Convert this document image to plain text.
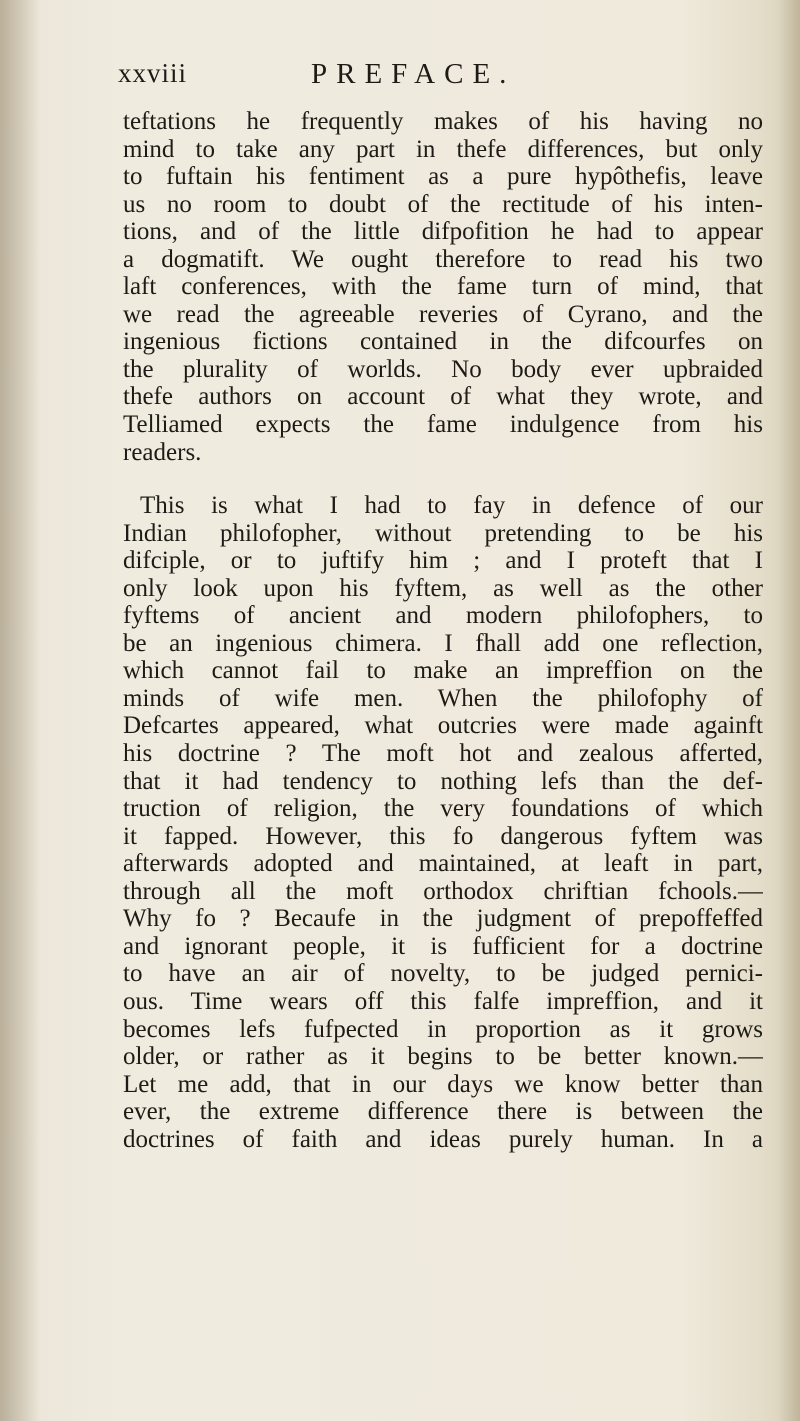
xxviii	PREFACE.
teftations he frequently makes of his having no
mind to take any part in thefe differences, but only
to fuftain his fentiment as a pure hypôthefis, leave
us no room to doubt of the rectitude of his inten-
tions, and of the little difpofition he had to appear
a dogmatift. We ought therefore to read his two
laft conferences, with the fame turn of mind, that
we read the agreeable reveries of Cyrano, and the
ingenious fictions contained in the difcourfes on
the plurality of worlds. No body ever upbraided
thefe authors on account of what they wrote, and
Telliamed expects the fame indulgence from his
readers.
This is what I had to fay in defence of our
Indian philofopher, without pretending to be his
difciple, or to juftify him ; and I proteft that I
only look upon his fyftem, as well as the other
fyftems of ancient and modern philofophers, to
be an ingenious chimera. I fhall add one reflection,
which cannot fail to make an impreffion on the
minds of wife men. When the philofophy of
Defcartes appeared, what outcries were made againft
his doctrine ? The moft hot and zealous afferted,
that it had tendency to nothing lefs than the def-
truction of religion, the very foundations of which
it fapped. However, this fo dangerous fyftem was
afterwards adopted and maintained, at leaft in part,
through all the moft orthodox chriftian fchools.—
Why fo ? Becaufe in the judgment of prepoffeffed
and ignorant people, it is fufficient for a doctrine
to have an air of novelty, to be judged pernici-
ous. Time wears off this falfe impreffion, and it
becomes lefs fufpected in proportion as it grows
older, or rather as it begins to be better known.—
Let me add, that in our days we know better than
ever, the extreme difference there is between the
doctrines of faith and ideas purely human. In a
